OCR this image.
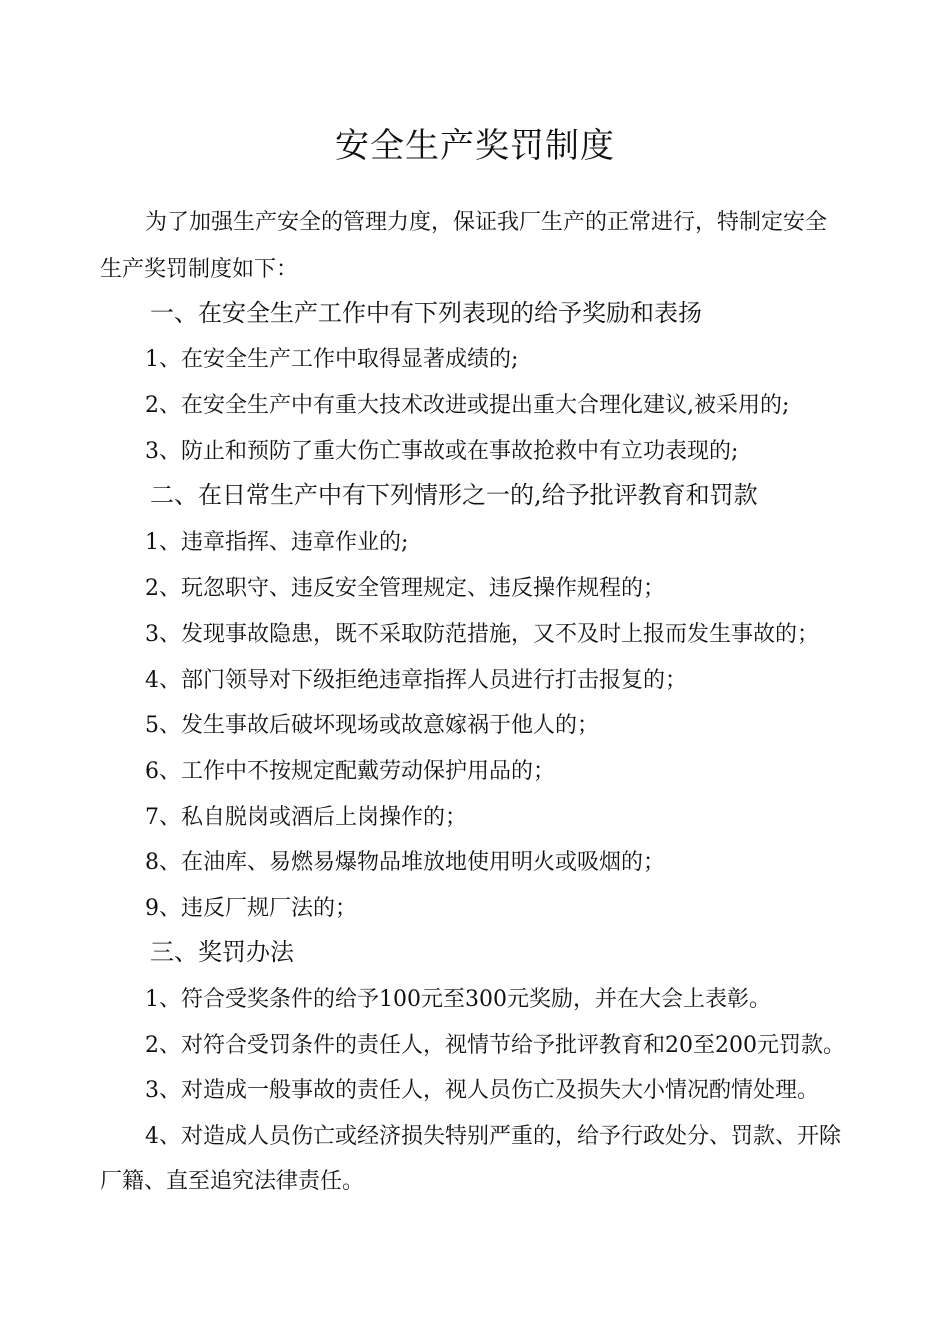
安全生产奖罚制度
为了加强生产安全的管理力度，保证我厂生产的正常进行，特制定安全
生产奖罚制度如下：
一、在安全生产工作中有下列表现的给予奖励和表扬
1、在安全生产工作中取得显著成绩的;
2、在安全生产中有重大技术改进或提出重大合理化建议,被采用的;
3、防止和预防了重大伤亡事故或在事故抢救中有立功表现的;
二、在日常生产中有下列情形之一的,给予批评教育和罚款
1、违章指挥、违章作业的;
2、玩忽职守、违反安全管理规定、违反操作规程的；
3、发现事故隐患，既不采取防范措施，又不及时上报而发生事故的；
4、部门领导对下级拒绝违章指挥人员进行打击报复的；
5、发生事故后破坏现场或故意嫁祸于他人的；
6、工作中不按规定配戴劳动保护用品的；
7、私自脱岗或酒后上岗操作的；
8、在油库、易燃易爆物品堆放地使用明火或吸烟的；
9、违反厂规厂法的；
三、奖罚办法
1、符合受奖条件的给予100元至300元奖励，并在大会上表彰。
2、对符合受罚条件的责任人，视情节给予批评教育和20至200元罚款。
3、对造成一般事故的责任人，视人员伤亡及损失大小情况酌情处理。
4、对造成人员伤亡或经济损失特别严重的，给予行政处分、罚款、开除
厂籍、直至追究法律责任。
